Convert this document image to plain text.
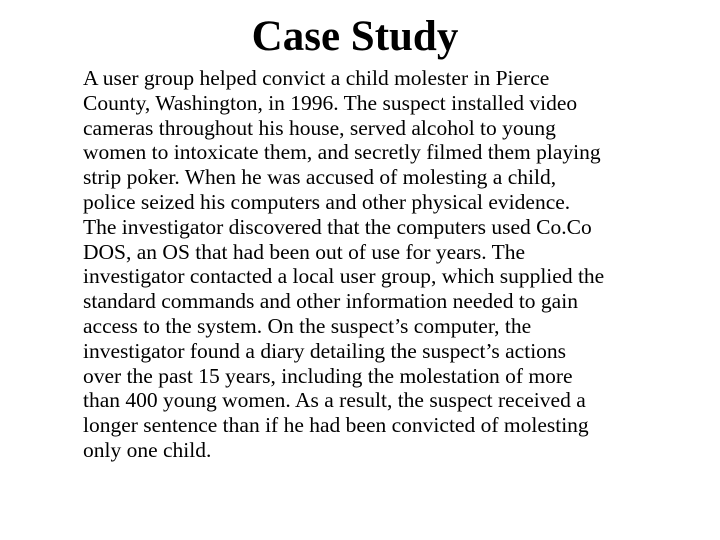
Case Study
A user group helped convict a child molester in Pierce
County, Washington, in 1996. The suspect installed video
cameras throughout his house, served alcohol to young
women to intoxicate them, and secretly filmed them playing
strip poker. When he was accused of molesting a child,
police seized his computers and other physical evidence.
The investigator discovered that the computers used Co.Co
DOS, an OS that had been out of use for years. The
investigator contacted a local user group, which supplied the
standard commands and other information needed to gain
access to the system. On the suspect’s computer, the
investigator found a diary detailing the suspect’s actions
over the past 15 years, including the molestation of more
than 400 young women. As a result, the suspect received a
longer sentence than if he had been convicted of molesting
only one child.
